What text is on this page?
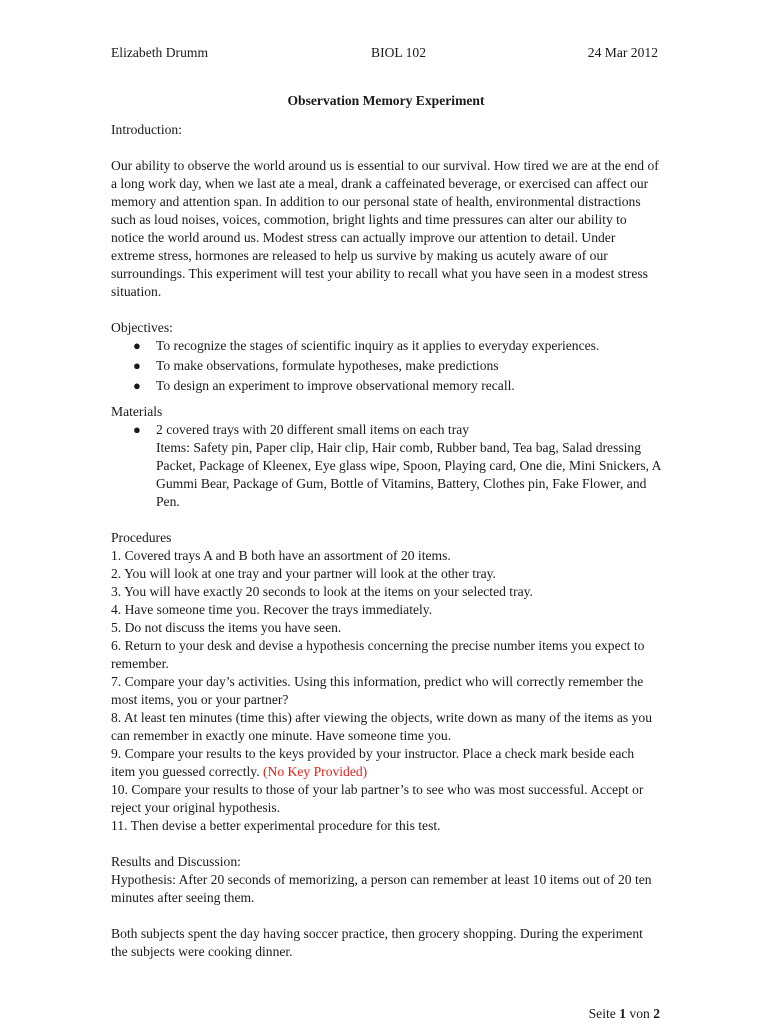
Elizabeth Drumm	BIOL 102	24 Mar 2012
Observation Memory Experiment

Introduction:

Our ability to observe the world around us is essential to our survival. How tired we are at the end of a long work day, when we last ate a meal, drank a caffeinated beverage, or exercised can affect our memory and attention span. In addition to our personal state of health, environmental distractions such as loud noises, voices, commotion, bright lights and time pressures can alter our ability to notice the world around us. Modest stress can actually improve our attention to detail. Under extreme stress, hormones are released to help us survive by making us acutely aware of our surroundings. This experiment will test your ability to recall what you have seen in a modest stress situation.

Objectives:

● To recognize the stages of scientific inquiry as it applies to everyday experiences.
● To make observations, formulate hypotheses, make predictions
● To design an experiment to improve observational memory recall.

Materials

● 2 covered trays with 20 different small items on each tray
Items: Safety pin, Paper clip, Hair clip, Hair comb, Rubber band, Tea bag, Salad dressing Packet, Package of Kleenex, Eye glass wipe, Spoon, Playing card, One die, Mini Snickers, A Gummi Bear, Package of Gum, Bottle of Vitamins, Battery, Clothes pin, Fake Flower, and Pen.

Procedures

1. Covered trays A and B both have an assortment of 20 items.
2. You will look at one tray and your partner will look at the other tray.
3. You will have exactly 20 seconds to look at the items on your selected tray.
4. Have someone time you. Recover the trays immediately.
5. Do not discuss the items you have seen.
6. Return to your desk and devise a hypothesis concerning the precise number items you expect to remember.
7. Compare your day’s activities. Using this information, predict who will correctly remember the most items, you or your partner?
8. At least ten minutes (time this) after viewing the objects, write down as many of the items as you can remember in exactly one minute. Have someone time you.
9. Compare your results to the keys provided by your instructor. Place a check mark beside each item you guessed correctly. (No Key Provided)
10. Compare your results to those of your lab partner’s to see who was most successful. Accept or reject your original hypothesis.
11. Then devise a better experimental procedure for this test.

Results and Discussion:

Hypothesis: After 20 seconds of memorizing, a person can remember at least 10 items out of 20 ten minutes after seeing them.

Both subjects spent the day having soccer practice, then grocery shopping. During the experiment the subjects were cooking dinner.

Seite 1 von 2
